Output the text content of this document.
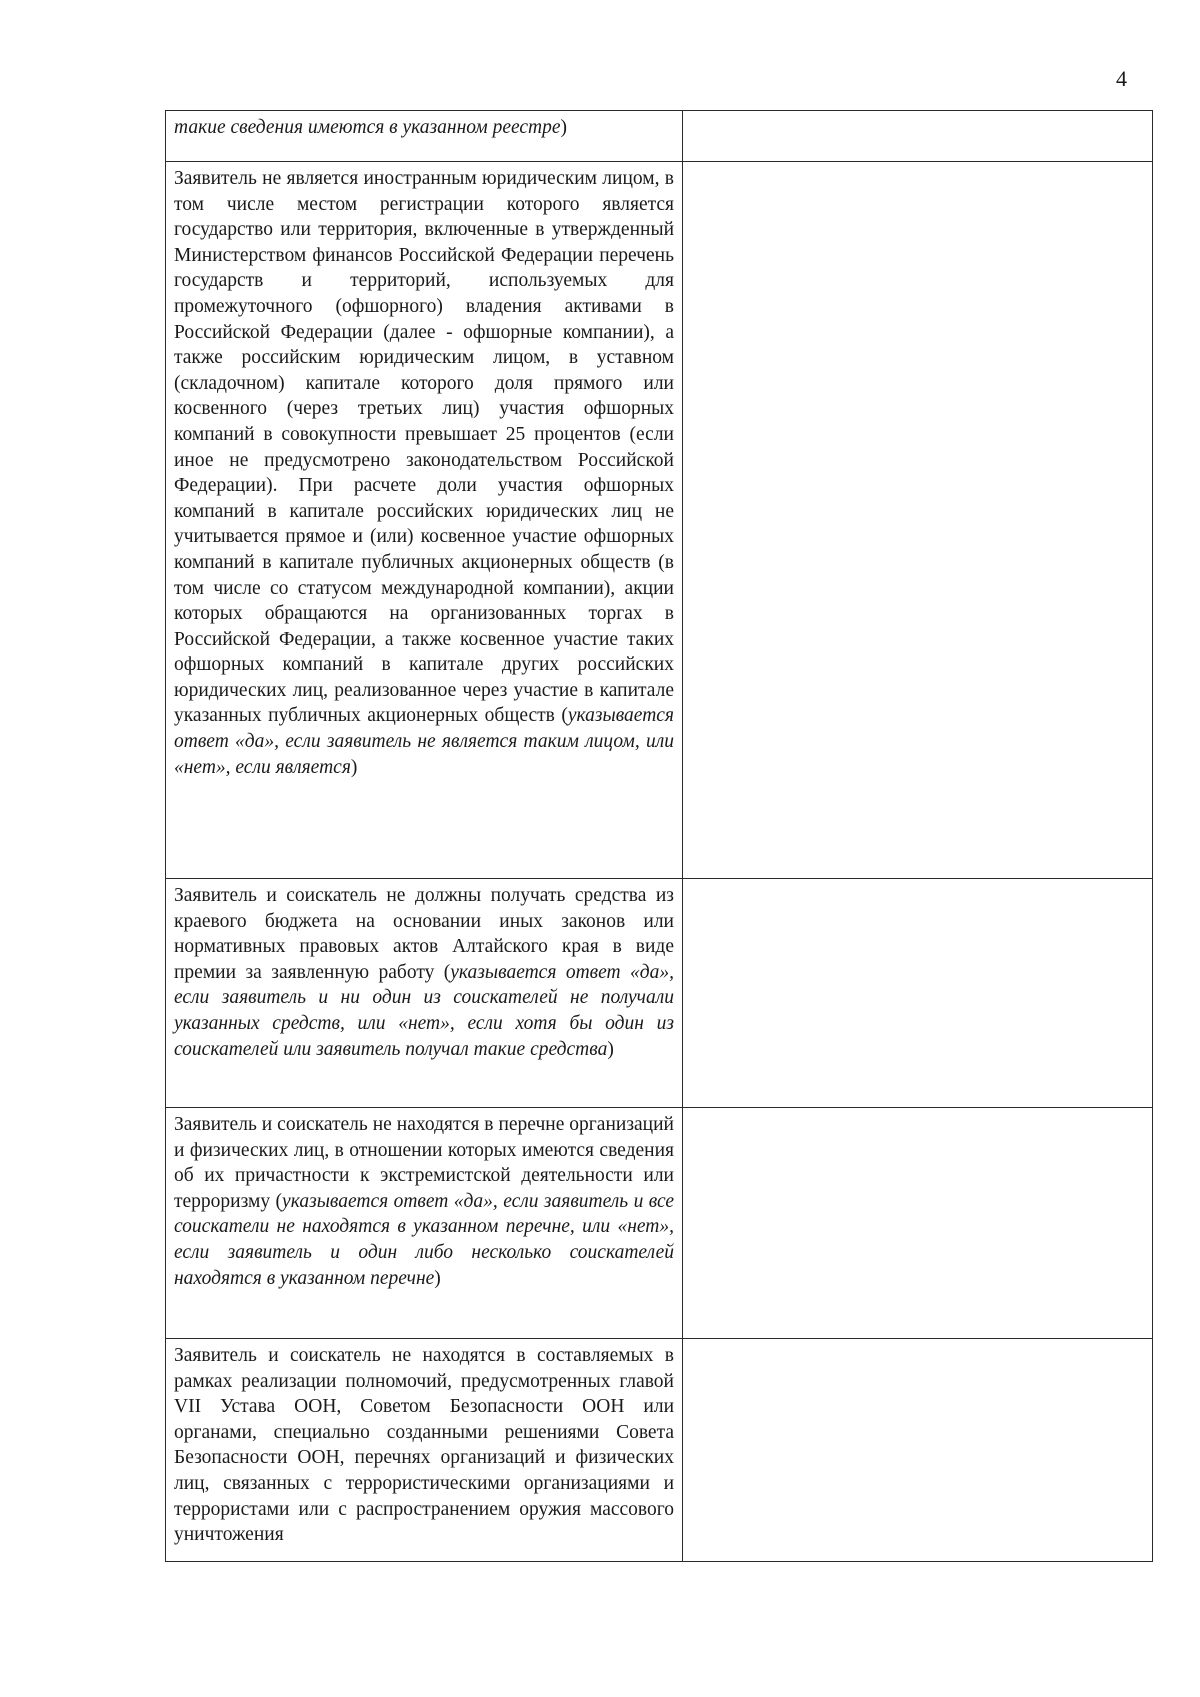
4
такие сведения имеются в указанном реестре)	
Заявитель не является иностранным юридическим лицом, в том числе местом регистрации которого является государство или территория, включенные в утвержденный Министерством финансов Российской Федерации перечень государств и территорий, используемых для промежуточного (офшорного) владения активами в Российской Федерации (далее - офшорные компании), а также российским юридическим лицом, в уставном (складочном) капитале которого доля прямого или косвенного (через третьих лиц) участия офшорных компаний в совокупности превышает 25 процентов (если иное не предусмотрено законодательством Российской Федерации). При расчете доли участия офшорных компаний в капитале российских юридических лиц не учитывается прямое и (или) косвенное участие офшорных компаний в капитале публичных акционерных обществ (в том числе со статусом международной компании), акции которых обращаются на организованных торгах в Российской Федерации, а также косвенное участие таких офшорных компаний в капитале других российских юридических лиц, реализованное через участие в капитале указанных публичных акционерных обществ (указывается ответ «да», если заявитель не является таким лицом, или «нет», если является)	
Заявитель и соискатель не должны получать средства из краевого бюджета на основании иных законов или нормативных правовых актов Алтайского края в виде премии за заявленную работу (указывается ответ «да», если заявитель и ни один из соискателей не получали указанных средств, или «нет», если хотя бы один из соискателей или заявитель получал такие средства)	
Заявитель и соискатель не находятся в перечне организаций и физических лиц, в отношении которых имеются сведения об их причастности к экстремистской деятельности или терроризму (указывается ответ «да», если заявитель и все соискатели не находятся в указанном перечне, или «нет», если заявитель и один либо несколько соискателей находятся в указанном перечне)	
Заявитель и соискатель не находятся в составляемых в рамках реализации полномочий, предусмотренных главой VII Устава ООН, Советом Безопасности ООН или органами, специально созданными решениями Совета Безопасности ООН, перечнях организаций и физических лиц, связанных с террористическими организациями и террористами или с распространением оружия массового уничтожения	
